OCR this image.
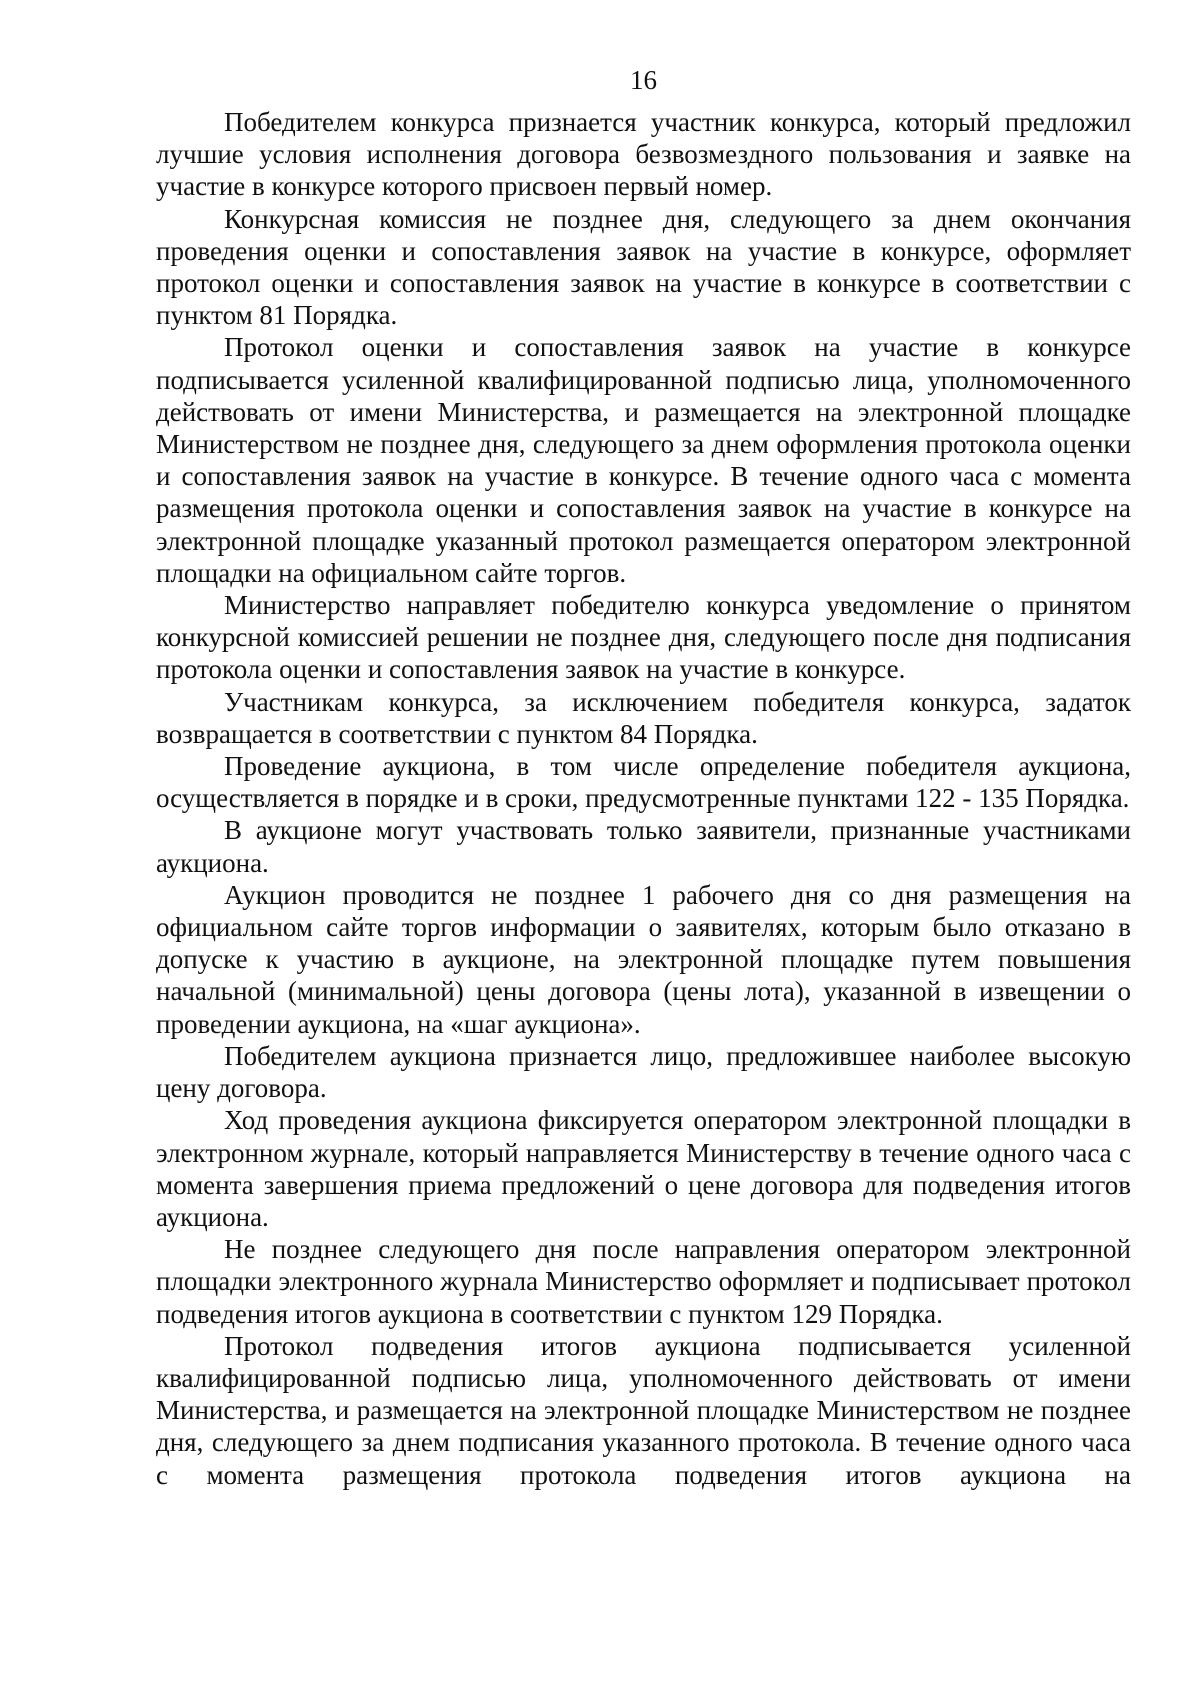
16

Победителем конкурса признается участник конкурса, который предложил лучшие условия исполнения договора безвозмездного пользования и заявке на участие в конкурсе которого присвоен первый номер.

Конкурсная комиссия не позднее дня, следующего за днем окончания проведения оценки и сопоставления заявок на участие в конкурсе, оформляет протокол оценки и сопоставления заявок на участие в конкурсе в соответствии с пунктом 81 Порядка.

Протокол оценки и сопоставления заявок на участие в конкурсе подписывается усиленной квалифицированной подписью лица, уполномоченного действовать от имени Министерства, и размещается на электронной площадке Министерством не позднее дня, следующего за днем оформления протокола оценки и сопоставления заявок на участие в конкурсе. В течение одного часа с момента размещения протокола оценки и сопоставления заявок на участие в конкурсе на электронной площадке указанный протокол размещается оператором электронной площадки на официальном сайте торгов.

Министерство направляет победителю конкурса уведомление о принятом конкурсной комиссией решении не позднее дня, следующего после дня подписания протокола оценки и сопоставления заявок на участие в конкурсе.

Участникам конкурса, за исключением победителя конкурса, задаток возвращается в соответствии с пунктом 84 Порядка.

Проведение аукциона, в том числе определение победителя аукциона, осуществляется в порядке и в сроки, предусмотренные пунктами 122 - 135 Порядка.

В аукционе могут участвовать только заявители, признанные участниками аукциона.

Аукцион проводится не позднее 1 рабочего дня со дня размещения на официальном сайте торгов информации о заявителях, которым было отказано в допуске к участию в аукционе, на электронной площадке путем повышения начальной (минимальной) цены договора (цены лота), указанной в извещении о проведении аукциона, на «шаг аукциона».

Победителем аукциона признается лицо, предложившее наиболее высокую цену договора.

Ход проведения аукциона фиксируется оператором электронной площадки в электронном журнале, который направляется Министерству в течение одного часа с момента завершения приема предложений о цене договора для подведения итогов аукциона.

Не позднее следующего дня после направления оператором электронной площадки электронного журнала Министерство оформляет и подписывает протокол подведения итогов аукциона в соответствии с пунктом 129 Порядка.

Протокол подведения итогов аукциона подписывается усиленной квалифицированной подписью лица, уполномоченного действовать от имени Министерства, и размещается на электронной площадке Министерством не позднее дня, следующего за днем подписания указанного протокола. В течение одного часа с момента размещения протокола подведения итогов аукциона на
